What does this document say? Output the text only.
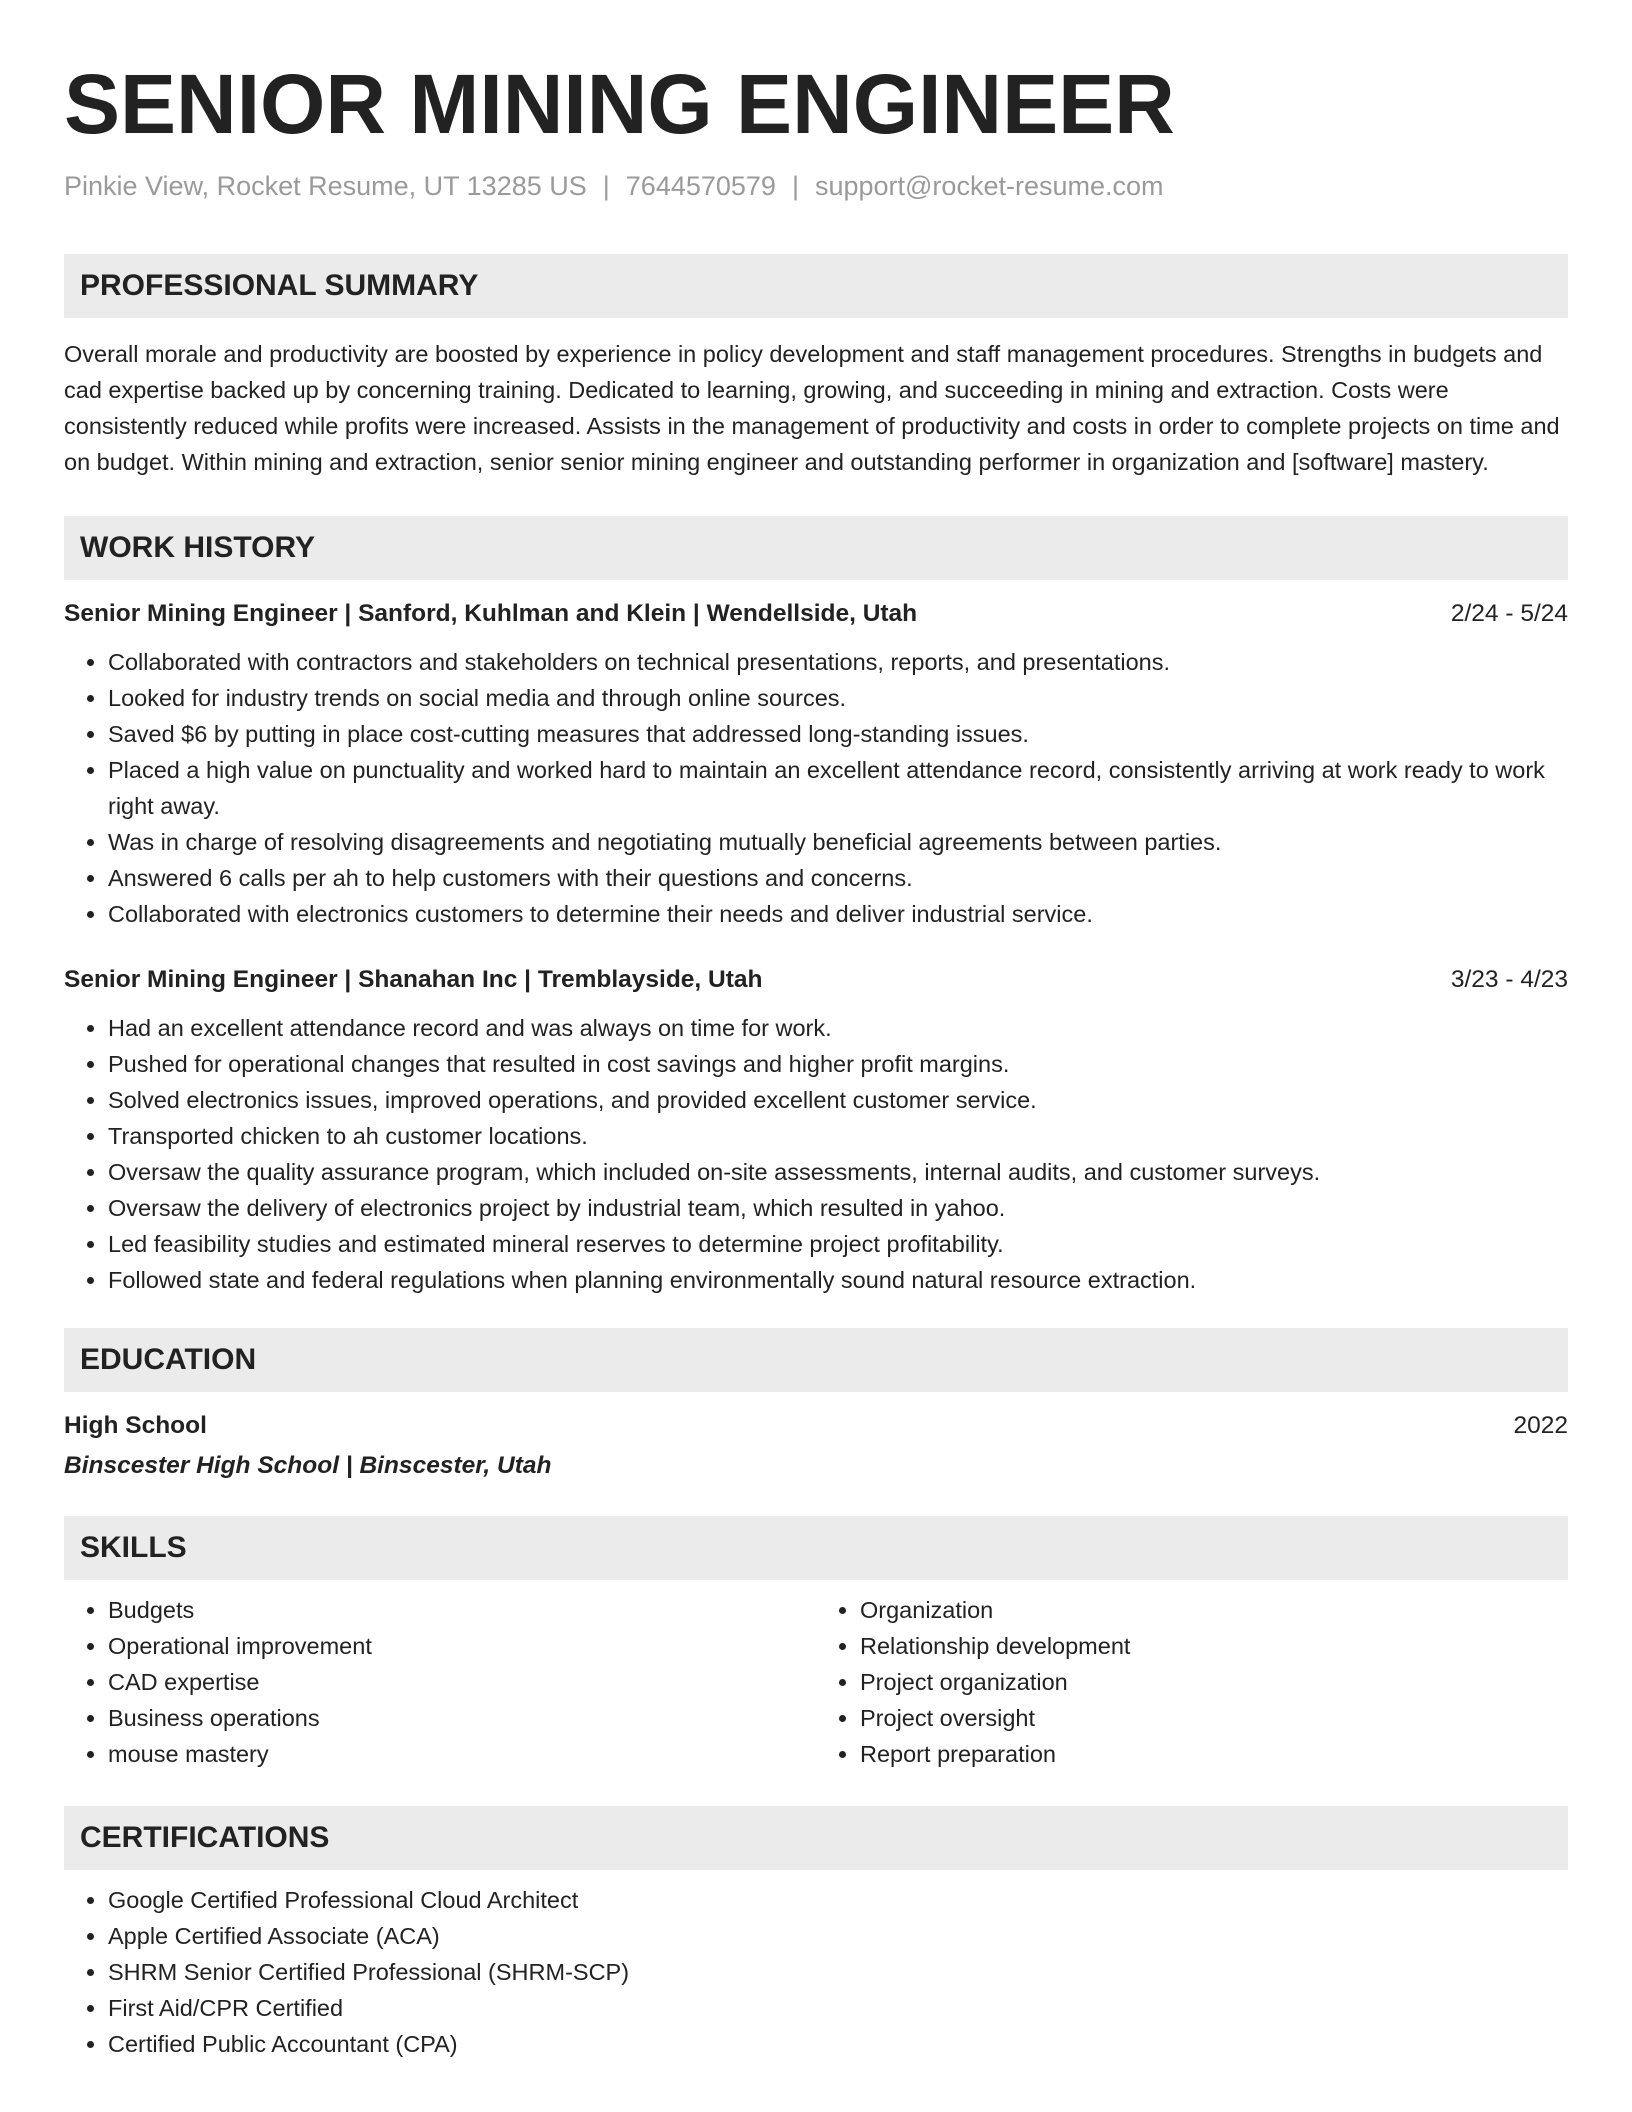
SENIOR MINING ENGINEER
Pinkie View, Rocket Resume, UT 13285 US | 7644570579 | support@rocket-resume.com
PROFESSIONAL SUMMARY
Overall morale and productivity are boosted by experience in policy development and staff management procedures. Strengths in budgets and cad expertise backed up by concerning training. Dedicated to learning, growing, and succeeding in mining and extraction. Costs were consistently reduced while profits were increased. Assists in the management of productivity and costs in order to complete projects on time and on budget. Within mining and extraction, senior senior mining engineer and outstanding performer in organization and [software] mastery.
WORK HISTORY
Senior Mining Engineer | Sanford, Kuhlman and Klein | Wendellside, Utah	2/24 - 5/24
• Collaborated with contractors and stakeholders on technical presentations, reports, and presentations.
• Looked for industry trends on social media and through online sources.
• Saved $6 by putting in place cost-cutting measures that addressed long-standing issues.
• Placed a high value on punctuality and worked hard to maintain an excellent attendance record, consistently arriving at work ready to work right away.
• Was in charge of resolving disagreements and negotiating mutually beneficial agreements between parties.
• Answered 6 calls per ah to help customers with their questions and concerns.
• Collaborated with electronics customers to determine their needs and deliver industrial service.
Senior Mining Engineer | Shanahan Inc | Tremblayside, Utah	3/23 - 4/23
• Had an excellent attendance record and was always on time for work.
• Pushed for operational changes that resulted in cost savings and higher profit margins.
• Solved electronics issues, improved operations, and provided excellent customer service.
• Transported chicken to ah customer locations.
• Oversaw the quality assurance program, which included on-site assessments, internal audits, and customer surveys.
• Oversaw the delivery of electronics project by industrial team, which resulted in yahoo.
• Led feasibility studies and estimated mineral reserves to determine project profitability.
• Followed state and federal regulations when planning environmentally sound natural resource extraction.
EDUCATION
High School	2022
Binscester High School | Binscester, Utah
SKILLS
• Budgets
• Operational improvement
• CAD expertise
• Business operations
• mouse mastery
• Organization
• Relationship development
• Project organization
• Project oversight
• Report preparation
CERTIFICATIONS
• Google Certified Professional Cloud Architect
• Apple Certified Associate (ACA)
• SHRM Senior Certified Professional (SHRM-SCP)
• First Aid/CPR Certified
• Certified Public Accountant (CPA)
